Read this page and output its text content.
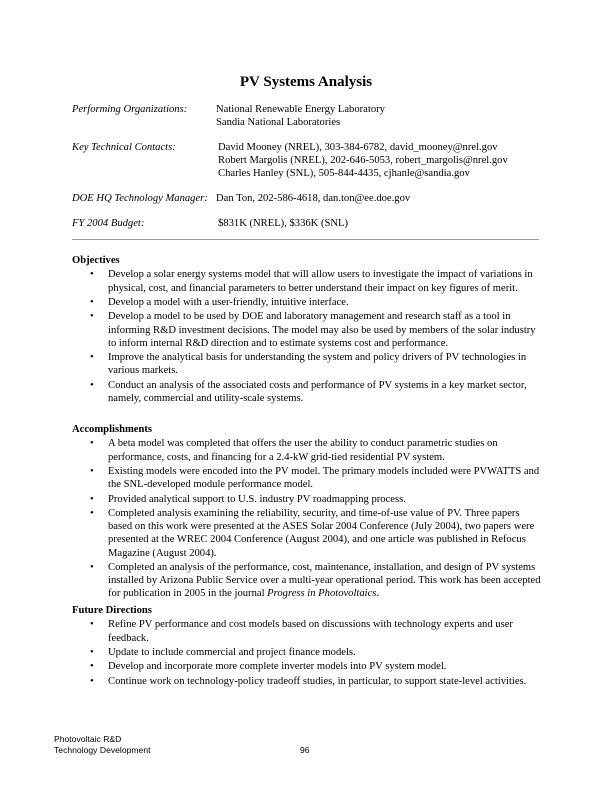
PV Systems Analysis
Performing Organizations:	National Renewable Energy Laboratory
Sandia National Laboratories
Key Technical Contacts:	David Mooney (NREL), 303-384-6782, david_mooney@nrel.gov
Robert Margolis (NREL), 202-646-5053, robert_margolis@nrel.gov
Charles Hanley (SNL), 505-844-4435, cjhanle@sandia.gov
DOE HQ Technology Manager: Dan Ton, 202-586-4618, dan.ton@ee.doe.gov
FY 2004 Budget:	$831K (NREL), $336K (SNL)
Objectives
• Develop a solar energy systems model that will allow users to investigate the impact of variations in physical, cost, and financial parameters to better understand their impact on key figures of merit.
• Develop a model with a user-friendly, intuitive interface.
• Develop a model to be used by DOE and laboratory management and research staff as a tool in informing R&D investment decisions. The model may also be used by members of the solar industry to inform internal R&D direction and to estimate systems cost and performance.
• Improve the analytical basis for understanding the system and policy drivers of PV technologies in various markets.
• Conduct an analysis of the associated costs and performance of PV systems in a key market sector, namely, commercial and utility-scale systems.
Accomplishments
• A beta model was completed that offers the user the ability to conduct parametric studies on performance, costs, and financing for a 2.4-kW grid-tied residential PV system.
• Existing models were encoded into the PV model. The primary models included were PVWATTS and the SNL-developed module performance model.
• Provided analytical support to U.S. industry PV roadmapping process.
• Completed analysis examining the reliability, security, and time-of-use value of PV. Three papers based on this work were presented at the ASES Solar 2004 Conference (July 2004), two papers were presented at the WREC 2004 Conference (August 2004), and one article was published in Refocus Magazine (August 2004).
• Completed an analysis of the performance, cost, maintenance, installation, and design of PV systems installed by Arizona Public Service over a multi-year operational period. This work has been accepted for publication in 2005 in the journal Progress in Photovoltaics.
Future Directions
• Refine PV performance and cost models based on discussions with technology experts and user feedback.
• Update to include commercial and project finance models.
• Develop and incorporate more complete inverter models into PV system model.
• Continue work on technology-policy tradeoff studies, in particular, to support state-level activities.
Photovoltaic R&D
Technology Development	96
